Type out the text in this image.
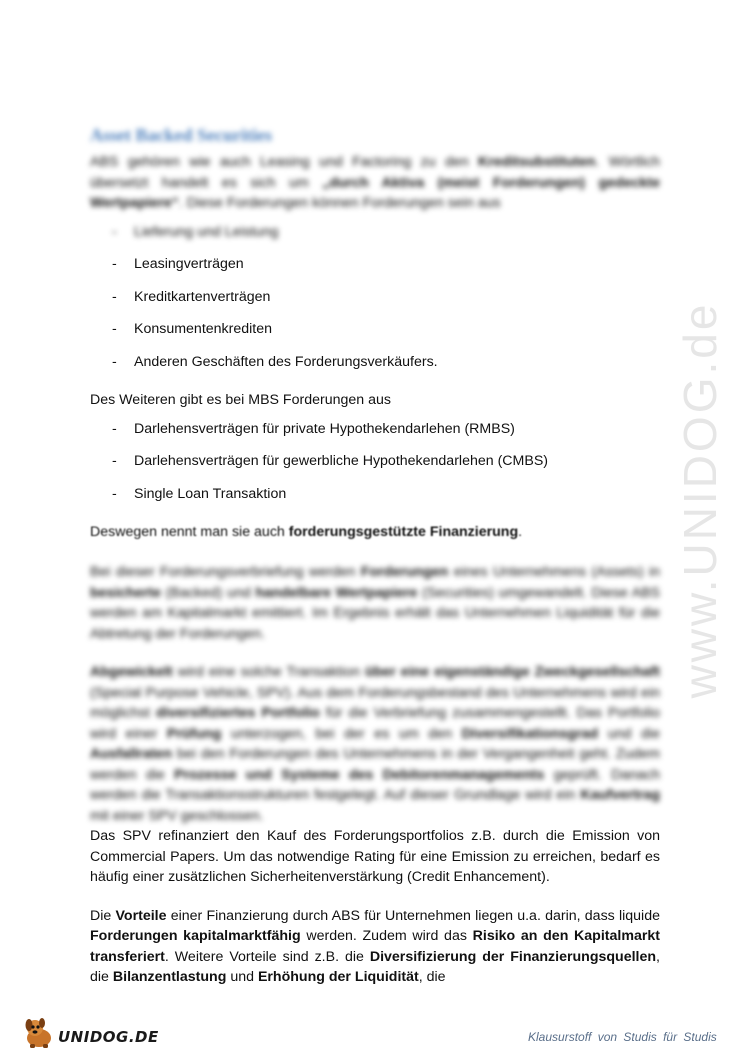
www.UNIDOG.de
Asset Backed Securities

ABS gehören wie auch Leasing und Factoring zu den Kreditsubstituten. Wörtlich übersetzt handelt es sich um „durch Aktiva (meist Forderungen) gedeckte Wertpapiere“. Diese Forderungen können Forderungen sein aus

- Lieferung und Leistung
- Leasingverträgen
- Kreditkartenverträgen
- Konsumentenkrediten
- Anderen Geschäften des Forderungsverkäufers.

Des Weiteren gibt es bei MBS Forderungen aus

- Darlehensverträgen für private Hypothekendarlehen (RMBS)
- Darlehensverträgen für gewerbliche Hypothekendarlehen (CMBS)
- Single Loan Transaktion

Deswegen nennt man sie auch forderungsgestützte Finanzierung.

Bei dieser Forderungsverbriefung werden Forderungen eines Unternehmens (Assets) in besicherte (Backed) und handelbare Wertpapiere (Securities) umgewandelt. Diese ABS werden am Kapitalmarkt emittiert. Im Ergebnis erhält das Unternehmen Liquidität für die Abtretung der Forderungen.

Abgewickelt wird eine solche Transaktion über eine eigenständige Zweckgesellschaft (Special Purpose Vehicle, SPV). Aus dem Forderungsbestand des Unternehmens wird ein möglichst diversifiziertes Portfolio für die Verbriefung zusammengestellt. Das Portfolio wird einer Prüfung unterzogen, bei der es um den Diversifikationsgrad und die Ausfallraten bei den Forderungen des Unternehmens in der Vergangenheit geht. Zudem werden die Prozesse und Systeme des Debitorenmanagements geprüft. Danach werden die Transaktionsstrukturen festgelegt. Auf dieser Grundlage wird ein Kaufvertrag mit einer SPV geschlossen.

Das SPV refinanziert den Kauf des Forderungsportfolios z.B. durch die Emission von Commercial Papers. Um das notwendige Rating für eine Emission zu erreichen, bedarf es häufig einer zusätzlichen Sicherheitenverstärkung (Credit Enhancement).

Die Vorteile einer Finanzierung durch ABS für Unternehmen liegen u.a. darin, dass liquide Forderungen kapitalmarktfähig werden. Zudem wird das Risiko an den Kapitalmarkt transferiert. Weitere Vorteile sind z.B. die Diversifizierung der Finanzierungsquellen, die Bilanzentlastung und Erhöhung der Liquidität, die

UNIDOG.DE	Klausurstoff von Studis für Studis
